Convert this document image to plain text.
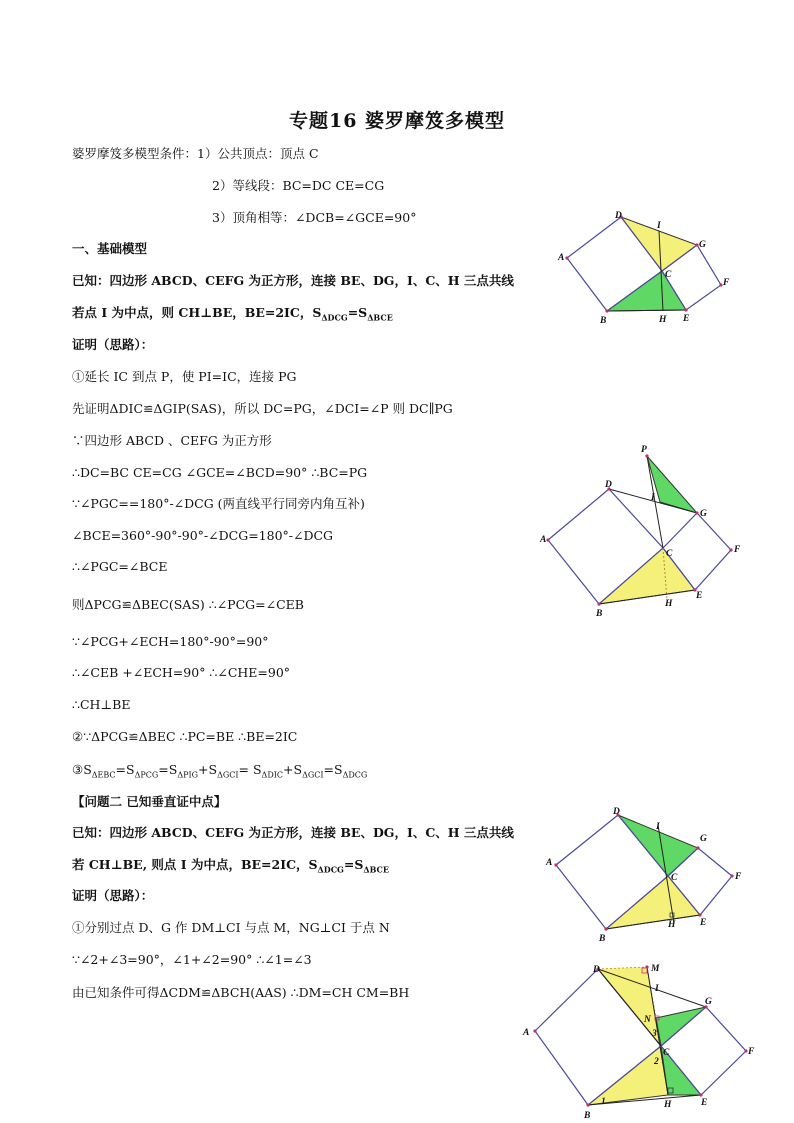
专题16 婆罗摩笈多模型
婆罗摩笈多模型条件：1）公共顶点：顶点 C
2）等线段：BC=DC CE=CG
3）顶角相等：∠DCB=∠GCE=90°
一、基础模型
已知：四边形 ABCD、CEFG 为正方形，连接 BE、DG，I、C、H 三点共线
若点 I 为中点，则 CH⊥BE，BE=2IC，$S_{\Delta DCG}=S_{\Delta BCE}$
证明（思路）：
①延长 IC 到点 P，使 PI=IC，连接 PG
先证明ΔDIC≌ΔGIP(SAS)，所以 DC=PG，∠DCI=∠P 则 DC∥PG
∵四边形 ABCD 、CEFG 为正方形
∴DC=BC CE=CG ∠GCE=∠BCD=90° ∴BC=PG
∵∠PGC==180°-∠DCG (两直线平行同旁内角互补)
∠BCE=360°-90°-90°-∠DCG=180°-∠DCG
∴∠PGC=∠BCE
则ΔPCG≌ΔBEC(SAS) ∴∠PCG=∠CEB
∵∠PCG+∠ECH=180°-90°=90°
∴∠CEB +∠ECH=90° ∴∠CHE=90°
∴CH⊥BE
②∵ΔPCG≌ΔBEC ∴PC=BE ∴BE=2IC
$③S_{\Delta EBC}=S_{\Delta PCG}=S_{\Delta PIG}+S_{\Delta GCI}= S_{\Delta DIC}+S_{\Delta GCI}=S_{\Delta DCG}$
【问题二 已知垂直证中点】
已知：四边形 ABCD、CEFG 为正方形，连接 BE、DG，I、C、H 三点共线
若 CH⊥BE, 则点 I 为中点，BE=2IC，$S_{\Delta DCG}=S_{\Delta BCE}$
证明（思路）：
①分别过点 D、G 作 DM⊥CI 与点 M，NG⊥CI 于点 N
∵∠2+∠3=90°，∠1+∠2=90° ∴∠1=∠3
由已知条件可得ΔCDM≌ΔBCH(AAS) ∴DM=CH CM=BH
A
D
I
G
C
F
B	H E
P
D
I
G
A
C	F
E
H
B
D
I
G
A
C	F
E
H
B
D	M
I
G
N
3
A
C
2
F
1	H	E
B
